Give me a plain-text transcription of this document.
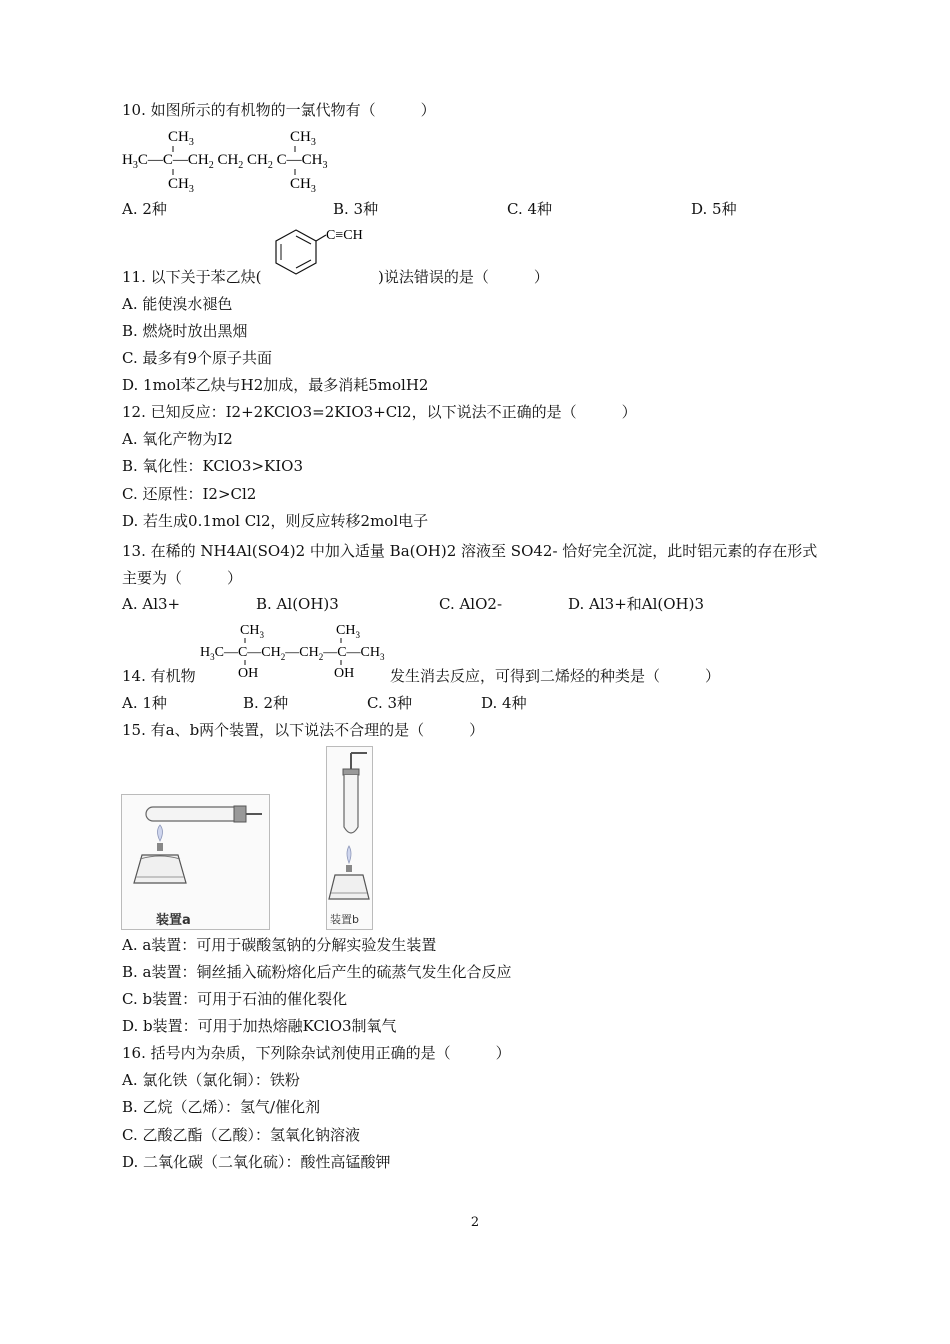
10. 如图所示的有机物的一氯代物有（　　　）
$CH_3$	$CH_3$
$H_3C—C—CH_2$ $CH_2$ $CH_2$ $C—CH_3$
$CH_3$	$CH_3$
A. 2种	B. 3种	C. 4种	D. 5种
C≡CH
11. 以下关于苯乙炔(	)说法错误的是（　　　）
A. 能使溴水褪色
B. 燃烧时放出黑烟
C. 最多有9个原子共面
D. 1mol苯乙炔与H2加成，最多消耗5molH2
12. 已知反应：I2+2KClO3=2KIO3+Cl2，以下说法不正确的是（　　　）
A. 氧化产物为I2
B. 氧化性：KClO3>KIO3
C. 还原性：I2>Cl2
D. 若生成0.1mol Cl2，则反应转移2mol电子
13. 在稀的 NH4Al(SO4)2 中加入适量 Ba(OH)2 溶液至 SO42- 恰好完全沉淀，此时铝元素的存在形式主要为（　　　）
A. Al3+	B. Al(OH)3	C. AlO2-	D. Al3+和Al(OH)3
$CH_3$	$CH_3$
$H_3C—C—CH_2—CH_2—C—CH_3$
OH	OH
14. 有机物	发生消去反应，可得到二烯烃的种类是（　　　）
A. 1种	B. 2种	C. 3种	D. 4种
15. 有a、b两个装置，以下说法不合理的是（　　　）
装置a	装置b
A. a装置：可用于碳酸氢钠的分解实验发生装置
B. a装置：铜丝插入硫粉熔化后产生的硫蒸气发生化合反应
C. b装置：可用于石油的催化裂化
D. b装置：可用于加热熔融KClO3制氧气
16. 括号内为杂质，下列除杂试剂使用正确的是（　　　）
A. 氯化铁（氯化铜）：铁粉
B. 乙烷（乙烯）：氢气/催化剂
C. 乙酸乙酯（乙酸）：氢氧化钠溶液
D. 二氧化碳（二氧化硫）：酸性高锰酸钾
2
